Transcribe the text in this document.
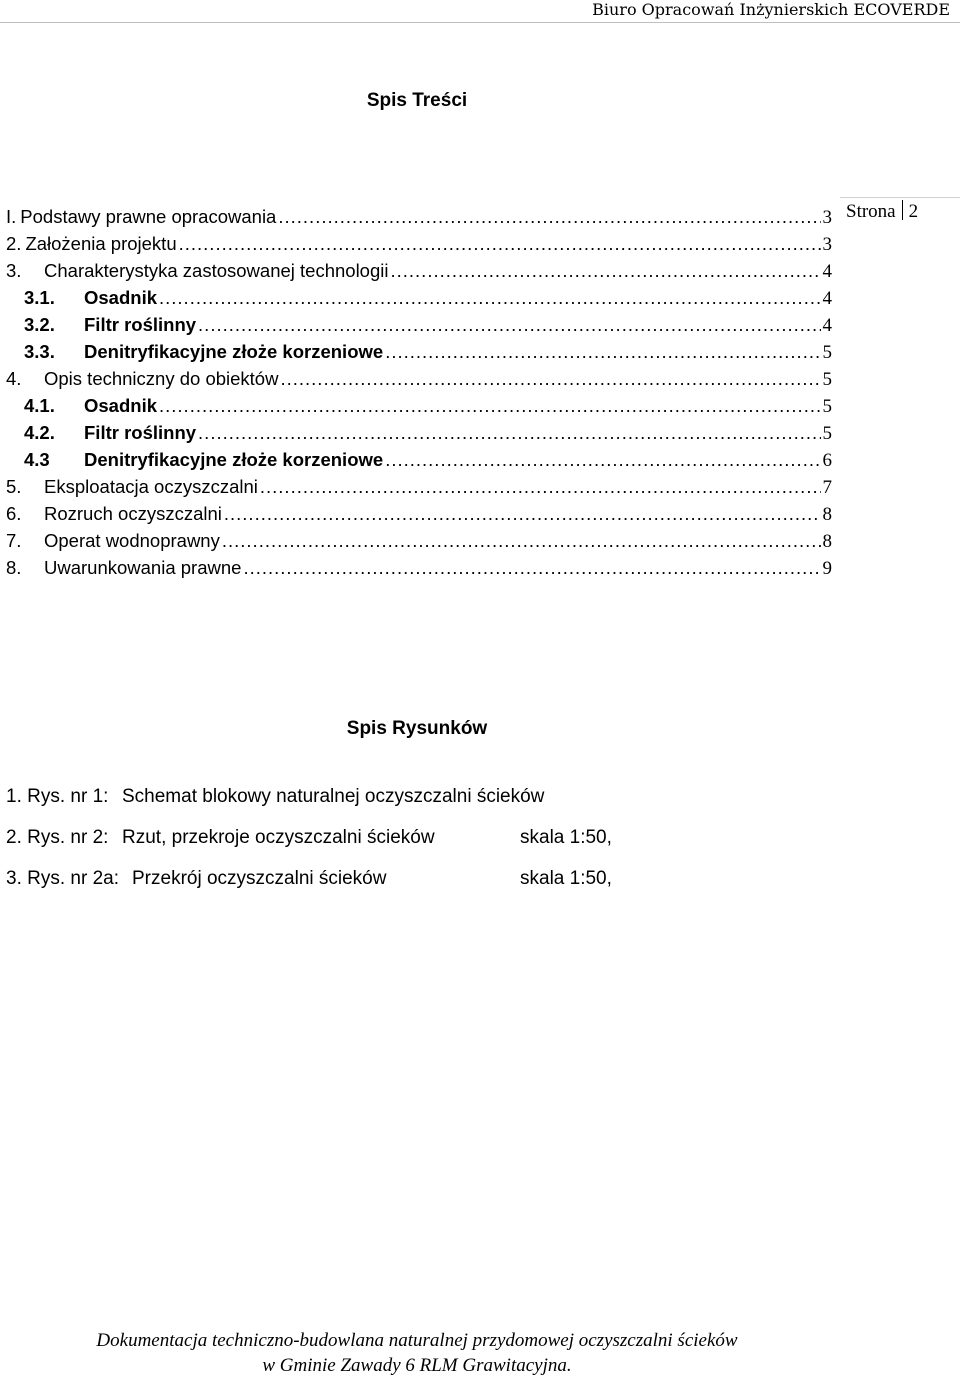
Biuro Opracowań Inżynierskich ECOVERDE
Spis Treści
I. Podstawy prawne opracowania .....	3
2. Założenia projektu .....	3
3.	Charakterystyka zastosowanej technologii .....	4
3.1.	Osadnik .....	4
3.2.	Filtr roślinny .....	4
3.3.	Denitryfikacyjne złoże korzeniowe .....	5
4.	Opis techniczny do obiektów .....	5
4.1.	Osadnik .....	5
4.2.	Filtr roślinny .....	5
4.3	Denitryfikacyjne złoże korzeniowe .....	6
5.	Eksploatacja oczyszczalni .....	7
6.	Rozruch oczyszczalni .....	8
7.	Operat wodnoprawny .....	8
8.	Uwarunkowania prawne .....	9
Strona 2
Spis Rysunków
1. Rys. nr 1: Schemat blokowy naturalnej oczyszczalni ścieków
2. Rys. nr 2: Rzut, przekroje oczyszczalni ścieków	skala 1:50,
3. Rys. nr 2a: Przekrój oczyszczalni ścieków	skala 1:50,
Dokumentacja techniczno-budowlana naturalnej przydomowej oczyszczalni ścieków
w Gminie Zawady 6 RLM Grawitacyjna.
